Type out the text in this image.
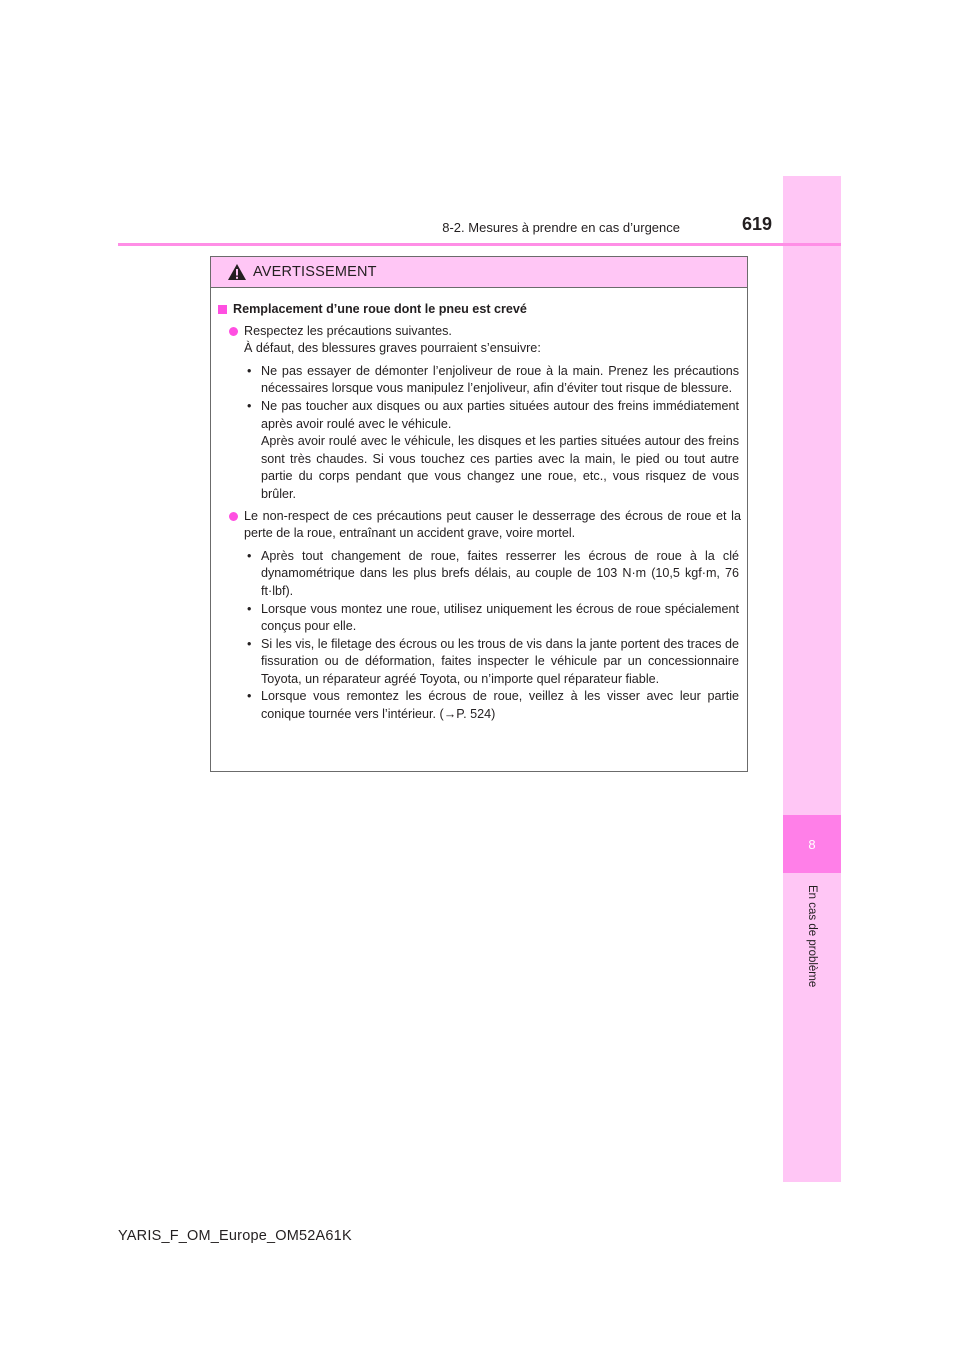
8
En cas de problème
8-2. Mesures à prendre en cas d’urgence	619
AVERTISSEMENT
Remplacement d’une roue dont le pneu est crevé
Respectez les précautions suivantes.
À défaut, des blessures graves pourraient s’ensuivre:
• Ne pas essayer de démonter l’enjoliveur de roue à la main. Prenez les précautions nécessaires lorsque vous manipulez l’enjoliveur, afin d’éviter tout risque de blessure.
• Ne pas toucher aux disques ou aux parties situées autour des freins immédiatement après avoir roulé avec le véhicule.
Après avoir roulé avec le véhicule, les disques et les parties situées autour des freins sont très chaudes. Si vous touchez ces parties avec la main, le pied ou tout autre partie du corps pendant que vous changez une roue, etc., vous risquez de vous brûler.
Le non-respect de ces précautions peut causer le desserrage des écrous de roue et la perte de la roue, entraînant un accident grave, voire mortel.
• Après tout changement de roue, faites resserrer les écrous de roue à la clé dynamométrique dans les plus brefs délais, au couple de 103 N·m (10,5 kgf·m, 76 ft·lbf).
• Lorsque vous montez une roue, utilisez uniquement les écrous de roue spécialement conçus pour elle.
• Si les vis, le filetage des écrous ou les trous de vis dans la jante portent des traces de fissuration ou de déformation, faites inspecter le véhicule par un concessionnaire Toyota, un réparateur agréé Toyota, ou n’importe quel réparateur fiable.
• Lorsque vous remontez les écrous de roue, veillez à les visser avec leur partie conique tournée vers l’intérieur. (→P. 524)
YARIS_F_OM_Europe_OM52A61K
